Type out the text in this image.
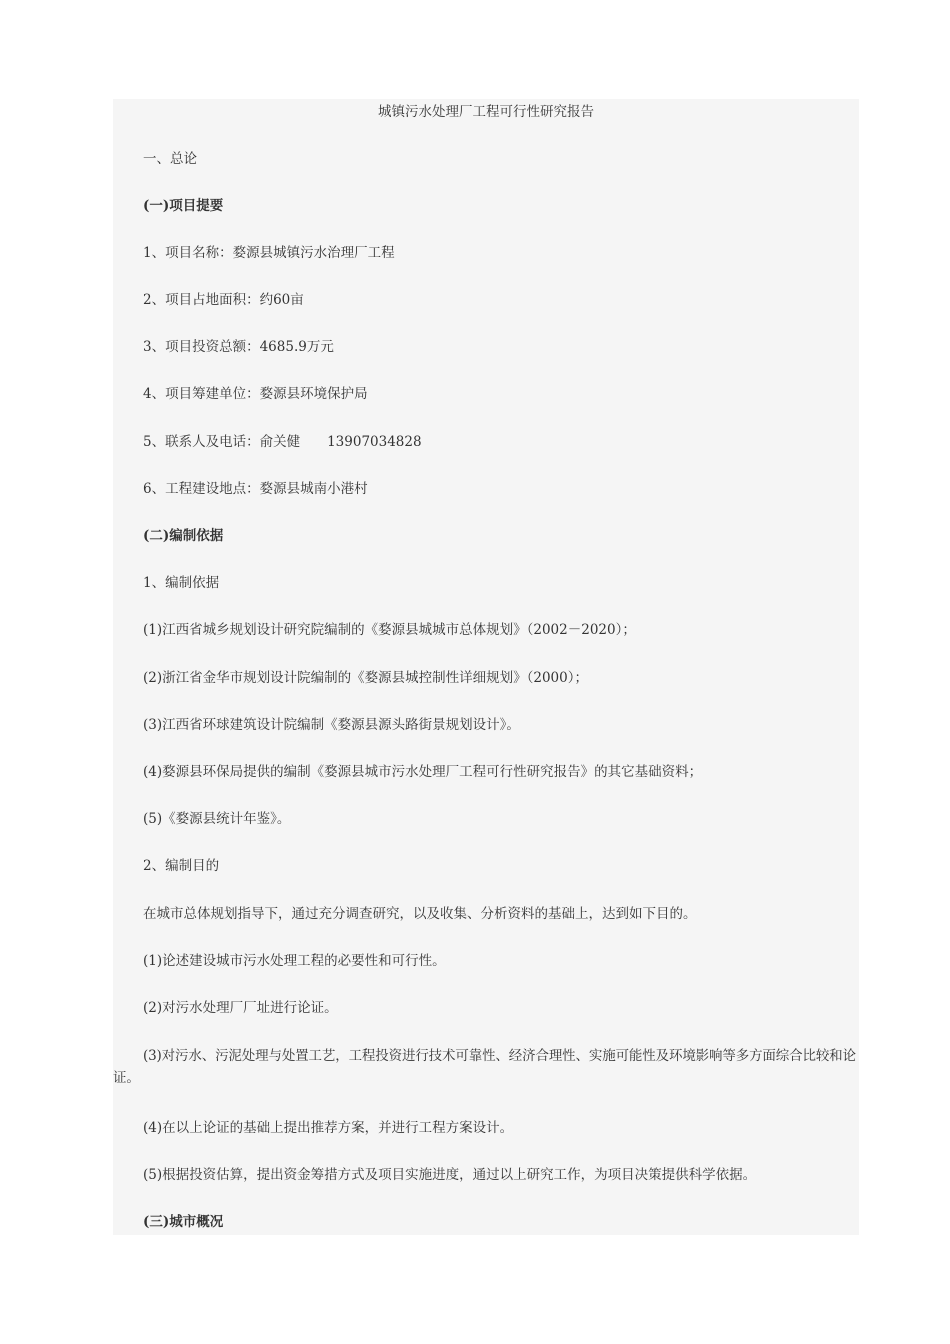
城镇污水处理厂工程可行性研究报告
一、总论
(一)项目提要
1、项目名称：婺源县城镇污水治理厂工程
2、项目占地面积：约60亩
3、项目投资总额：4685.9万元
4、项目筹建单位：婺源县环境保护局
5、联系人及电话：俞关健　　13907034828
6、工程建设地点：婺源县城南小港村
(二)编制依据
1、编制依据
(1)江西省城乡规划设计研究院编制的《婺源县城城市总体规划》（2002－2020）；
(2)浙江省金华市规划设计院编制的《婺源县城控制性详细规划》（2000）；
(3)江西省环球建筑设计院编制《婺源县源头路街景规划设计》。
(4)婺源县环保局提供的编制《婺源县城市污水处理厂工程可行性研究报告》的其它基础资料；
(5)《婺源县统计年鉴》。
2、编制目的
在城市总体规划指导下，通过充分调查研究，以及收集、分析资料的基础上，达到如下目的。
(1)论述建设城市污水处理工程的必要性和可行性。
(2)对污水处理厂厂址进行论证。
(3)对污水、污泥处理与处置工艺，工程投资进行技术可靠性、经济合理性、实施可能性及环境影响等多方面综合比较和论证。
(4)在以上论证的基础上提出推荐方案，并进行工程方案设计。
(5)根据投资估算，提出资金筹措方式及项目实施进度，通过以上研究工作，为项目决策提供科学依据。
(三)城市概况
